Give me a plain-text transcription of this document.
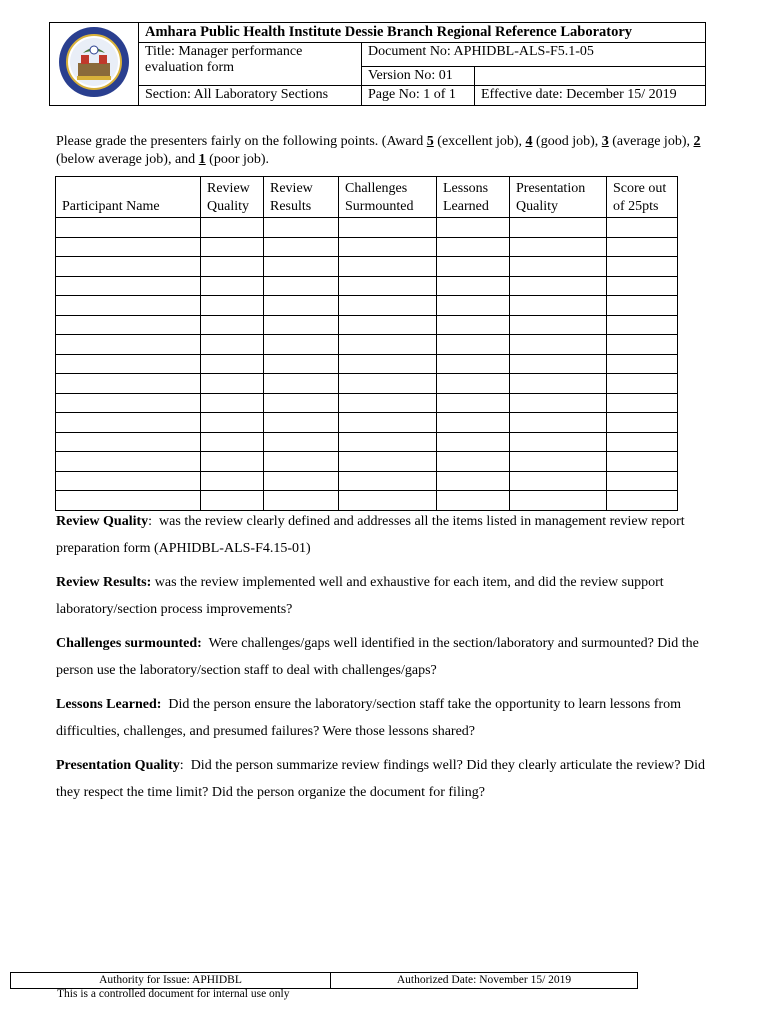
	Amhara Public Health Institute Dessie Branch Regional Reference Laboratory		
	Title: Manager performance evaluation form	Document No: APHIDBL-ALS-F5.1-05	
		Version No: 01	
	Section: All Laboratory Sections	Page No: 1 of 1	Effective date: December 15/ 2019
Please grade the presenters fairly on the following points. (Award 5 (excellent job), 4 (good job), 3 (average job), 2 (below average job), and 1 (poor job).
Participant Name	Review Quality	Review Results	Challenges Surmounted	Lessons Learned	Presentation Quality	Score out of 25pts

Review Quality:  was the review clearly defined and addresses all the items listed in management review report preparation form (APHIDBL-ALS-F4.15-01)

Review Results: was the review implemented well and exhaustive for each item, and did the review support laboratory/section process improvements?

Challenges surmounted: Were challenges/gaps well identified in the section/laboratory and surmounted? Did the person use the laboratory/section staff to deal with challenges/gaps?

Lessons Learned: Did the person ensure the laboratory/section staff take the opportunity to learn lessons from difficulties, challenges, and presumed failures? Were those lessons shared?

Presentation Quality:  Did the person summarize review findings well? Did they clearly articulate the review? Did they respect the time limit? Did the person organize the document for filing?

Authority for Issue: APHIDBL	Authorized Date: November 15/ 2019
This is a controlled document for internal use only
